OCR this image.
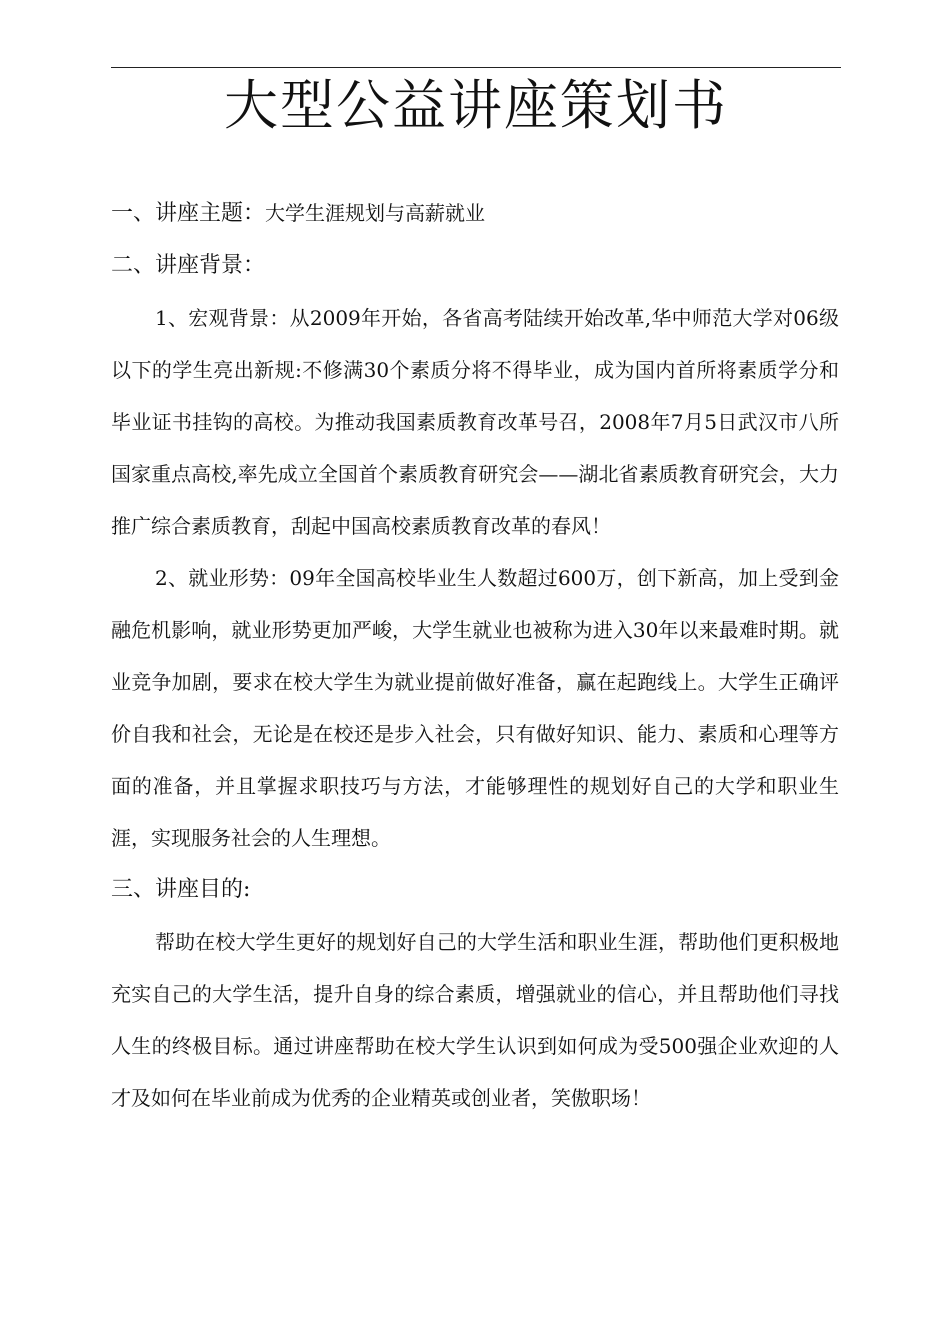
大型公益讲座策划书

一、讲座主题：大学生涯规划与高薪就业

二、讲座背景：

1、宏观背景：从2009年开始，各省高考陆续开始改革,华中师范大学对06级以下的学生亮出新规:不修满30个素质分将不得毕业，成为国内首所将素质学分和毕业证书挂钩的高校。为推动我国素质教育改革号召，2008年7月5日武汉市八所国家重点高校,率先成立全国首个素质教育研究会——湖北省素质教育研究会，大力推广综合素质教育，刮起中国高校素质教育改革的春风！

2、就业形势：09年全国高校毕业生人数超过600万，创下新高，加上受到金融危机影响，就业形势更加严峻，大学生就业也被称为进入30年以来最难时期。就业竞争加剧，要求在校大学生为就业提前做好准备，赢在起跑线上。大学生正确评价自我和社会，无论是在校还是步入社会，只有做好知识、能力、素质和心理等方面的准备，并且掌握求职技巧与方法，才能够理性的规划好自己的大学和职业生涯，实现服务社会的人生理想。

三、讲座目的:

帮助在校大学生更好的规划好自己的大学生活和职业生涯，帮助他们更积极地充实自己的大学生活，提升自身的综合素质，增强就业的信心，并且帮助他们寻找人生的终极目标。通过讲座帮助在校大学生认识到如何成为受500强企业欢迎的人才及如何在毕业前成为优秀的企业精英或创业者，笑傲职场！
